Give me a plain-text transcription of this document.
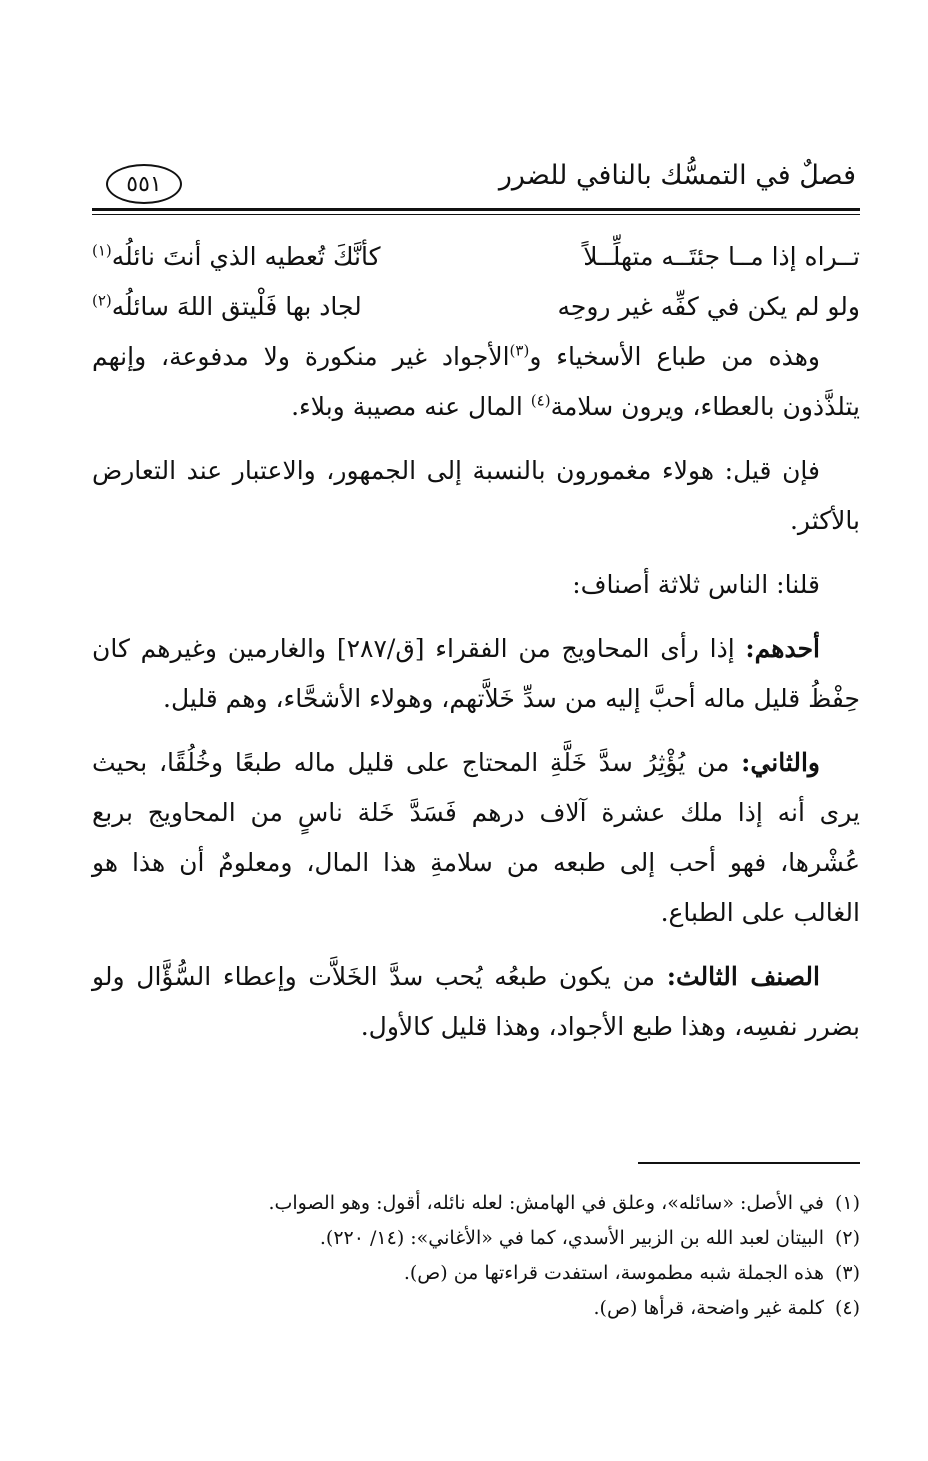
فصلٌ في التمسُّك بالنافي للضرر
٥٥١
تــراه إذا مــا جئتَــه متهلِّــلاً
كأنَّكَ تُعطيه الذي أنتَ نائلُه$^{(١)}$
ولو لم يكن في كفِّه غير روحِه
لجاد بها فَلْيتق اللهَ سائلُه$^{(٢)}$

وهذه من طباع الأسخياء و$^{(٣)}$الأجواد غير منكورة ولا مدفوعة، وإنهم يتلذَّذون بالعطاء، ويرون سلامة$^{(٤)}$ المال عنه مصيبة وبلاء.

فإن قيل: هولاء مغمورون بالنسبة إلى الجمهور، والاعتبار عند التعارض بالأكثر.

قلنا: الناس ثلاثة أصناف:

أحدهم: إذا رأى المحاويج من الفقراء [ق/٢٨٧] والغارمين وغيرهم كان حِفْظُ قليل ماله أحبَّ إليه من سدِّ خَلاَّتهم، وهولاء الأشحَّاء، وهم قليل.

والثاني: من يُؤْثِرُ سدَّ خَلَّةِ المحتاج على قليل ماله طبعًا وخُلُقًا، بحيث يرى أنه إذا ملك عشرة آلاف درهم فَسَدَّ خَلة ناسٍ من المحاويج بربع عُشْرها، فهو أحب إلى طبعه من سلامةِ هذا المال، ومعلومٌ أن هذا هو الغالب على الطباع.

الصنف الثالث: من يكون طبعُه يُحب سدَّ الخَلاَّت وإعطاء السُّؤَّال ولو بضرر نفسِه، وهذا طبع الأجواد، وهذا قليل كالأول.

(١)في الأصل: «سائله»، وعلق في الهامش: لعله نائله، أقول: وهو الصواب.
(٢)البيتان لعبد الله بن الزبير الأسدي، كما في «الأغاني»: (١٤/ ٢٢٠).
(٣)هذه الجملة شبه مطموسة، استفدت قراءتها من (ص).
(٤)كلمة غير واضحة، قرأها (ص).
